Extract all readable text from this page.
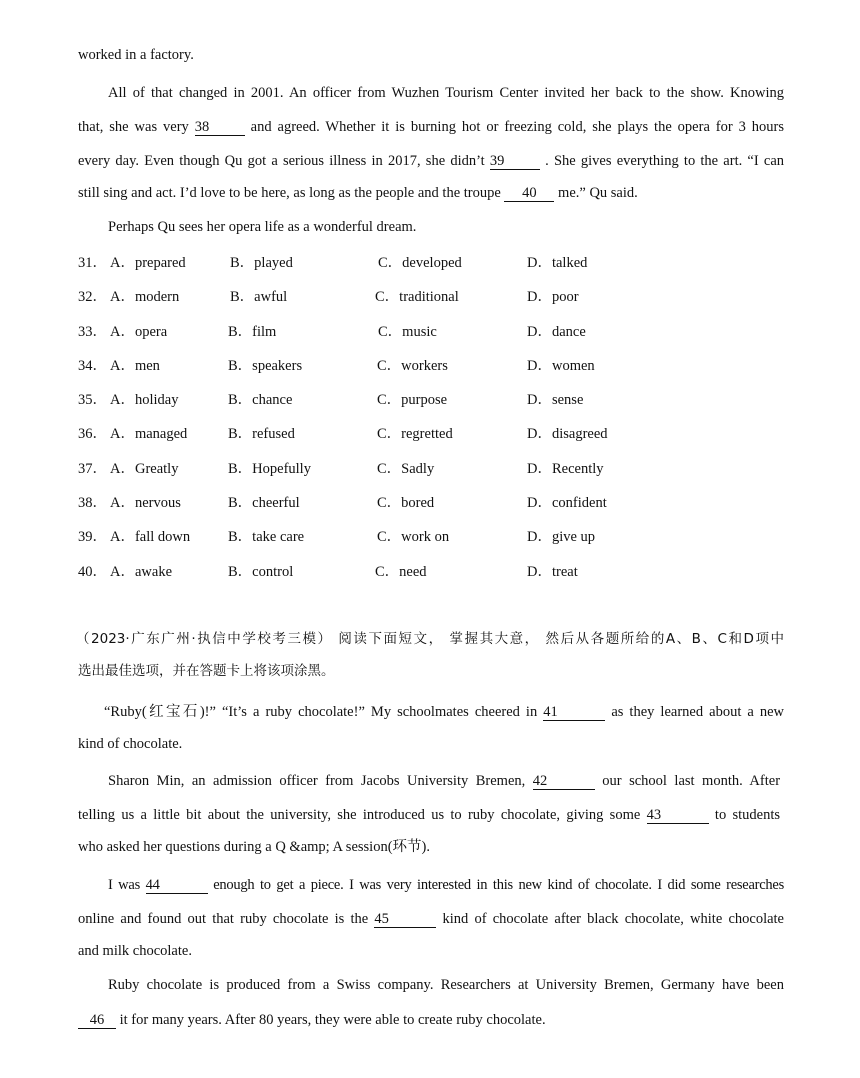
worked in a factory.
All of that changed in 2001. An officer from Wuzhen Tourism Center invited her back to the show. Knowing
that, she was very 38	and agreed. Whether it is burning hot or freezing cold, she plays the opera for 3 hours
every day. Even though Qu got a serious illness in 2017, she didn’t 39	. She gives everything to the art. “I can
still sing and act. I’d love to be here, as long as the people and the troupe 40 me.” Qu said.
Perhaps Qu sees her opera life as a wonderful dream.
31． A．prepared	B．played	C．developed	D．talked
32． A．modern	B．awful	C．traditional	D．poor
33． A．opera	B．film	C．music	D．dance
34． A．men	B．speakers	C．workers	D．women
35． A．holiday	B．chance	C．purpose	D．sense
36． A．managed	B．refused	C．regretted	D．disagreed
37． A．Greatly	B．Hopefully	C．Sadly	D．Recently
38． A．nervous	B．cheerful	C．bored	D．confident
39． A．fall down	B．take care	C．work on	D．give up
40． A．awake	B．control	C．need	D．treat
（2023·广东广州·执信中学校考三模） 阅读下面短文， 掌握其大意， 然后从各题所给的A、B、C和D项中
选出最佳选项，并在答题卡上将该项涂黑。
“Ruby(红宝石)!” “It’s a ruby chocolate!” My schoolmates cheered in 41	as they learned about a new
kind of chocolate.
Sharon Min, an admission officer from Jacobs University Bremen, 42	our school last month. After
telling us a little bit about the university, she introduced us to ruby chocolate, giving some 43	to students
who asked her questions during a Q &amp; A session(环节).
I was 44	enough to get a piece. I was very interested in this new kind of chocolate. I did some researches
online and found out that ruby chocolate is the 45	kind of chocolate after black chocolate, white chocolate
and milk chocolate.
Ruby chocolate is produced from a Swiss company. Researchers at University Bremen, Germany have been
46 it for many years. After 80 years, they were able to create ruby chocolate.
